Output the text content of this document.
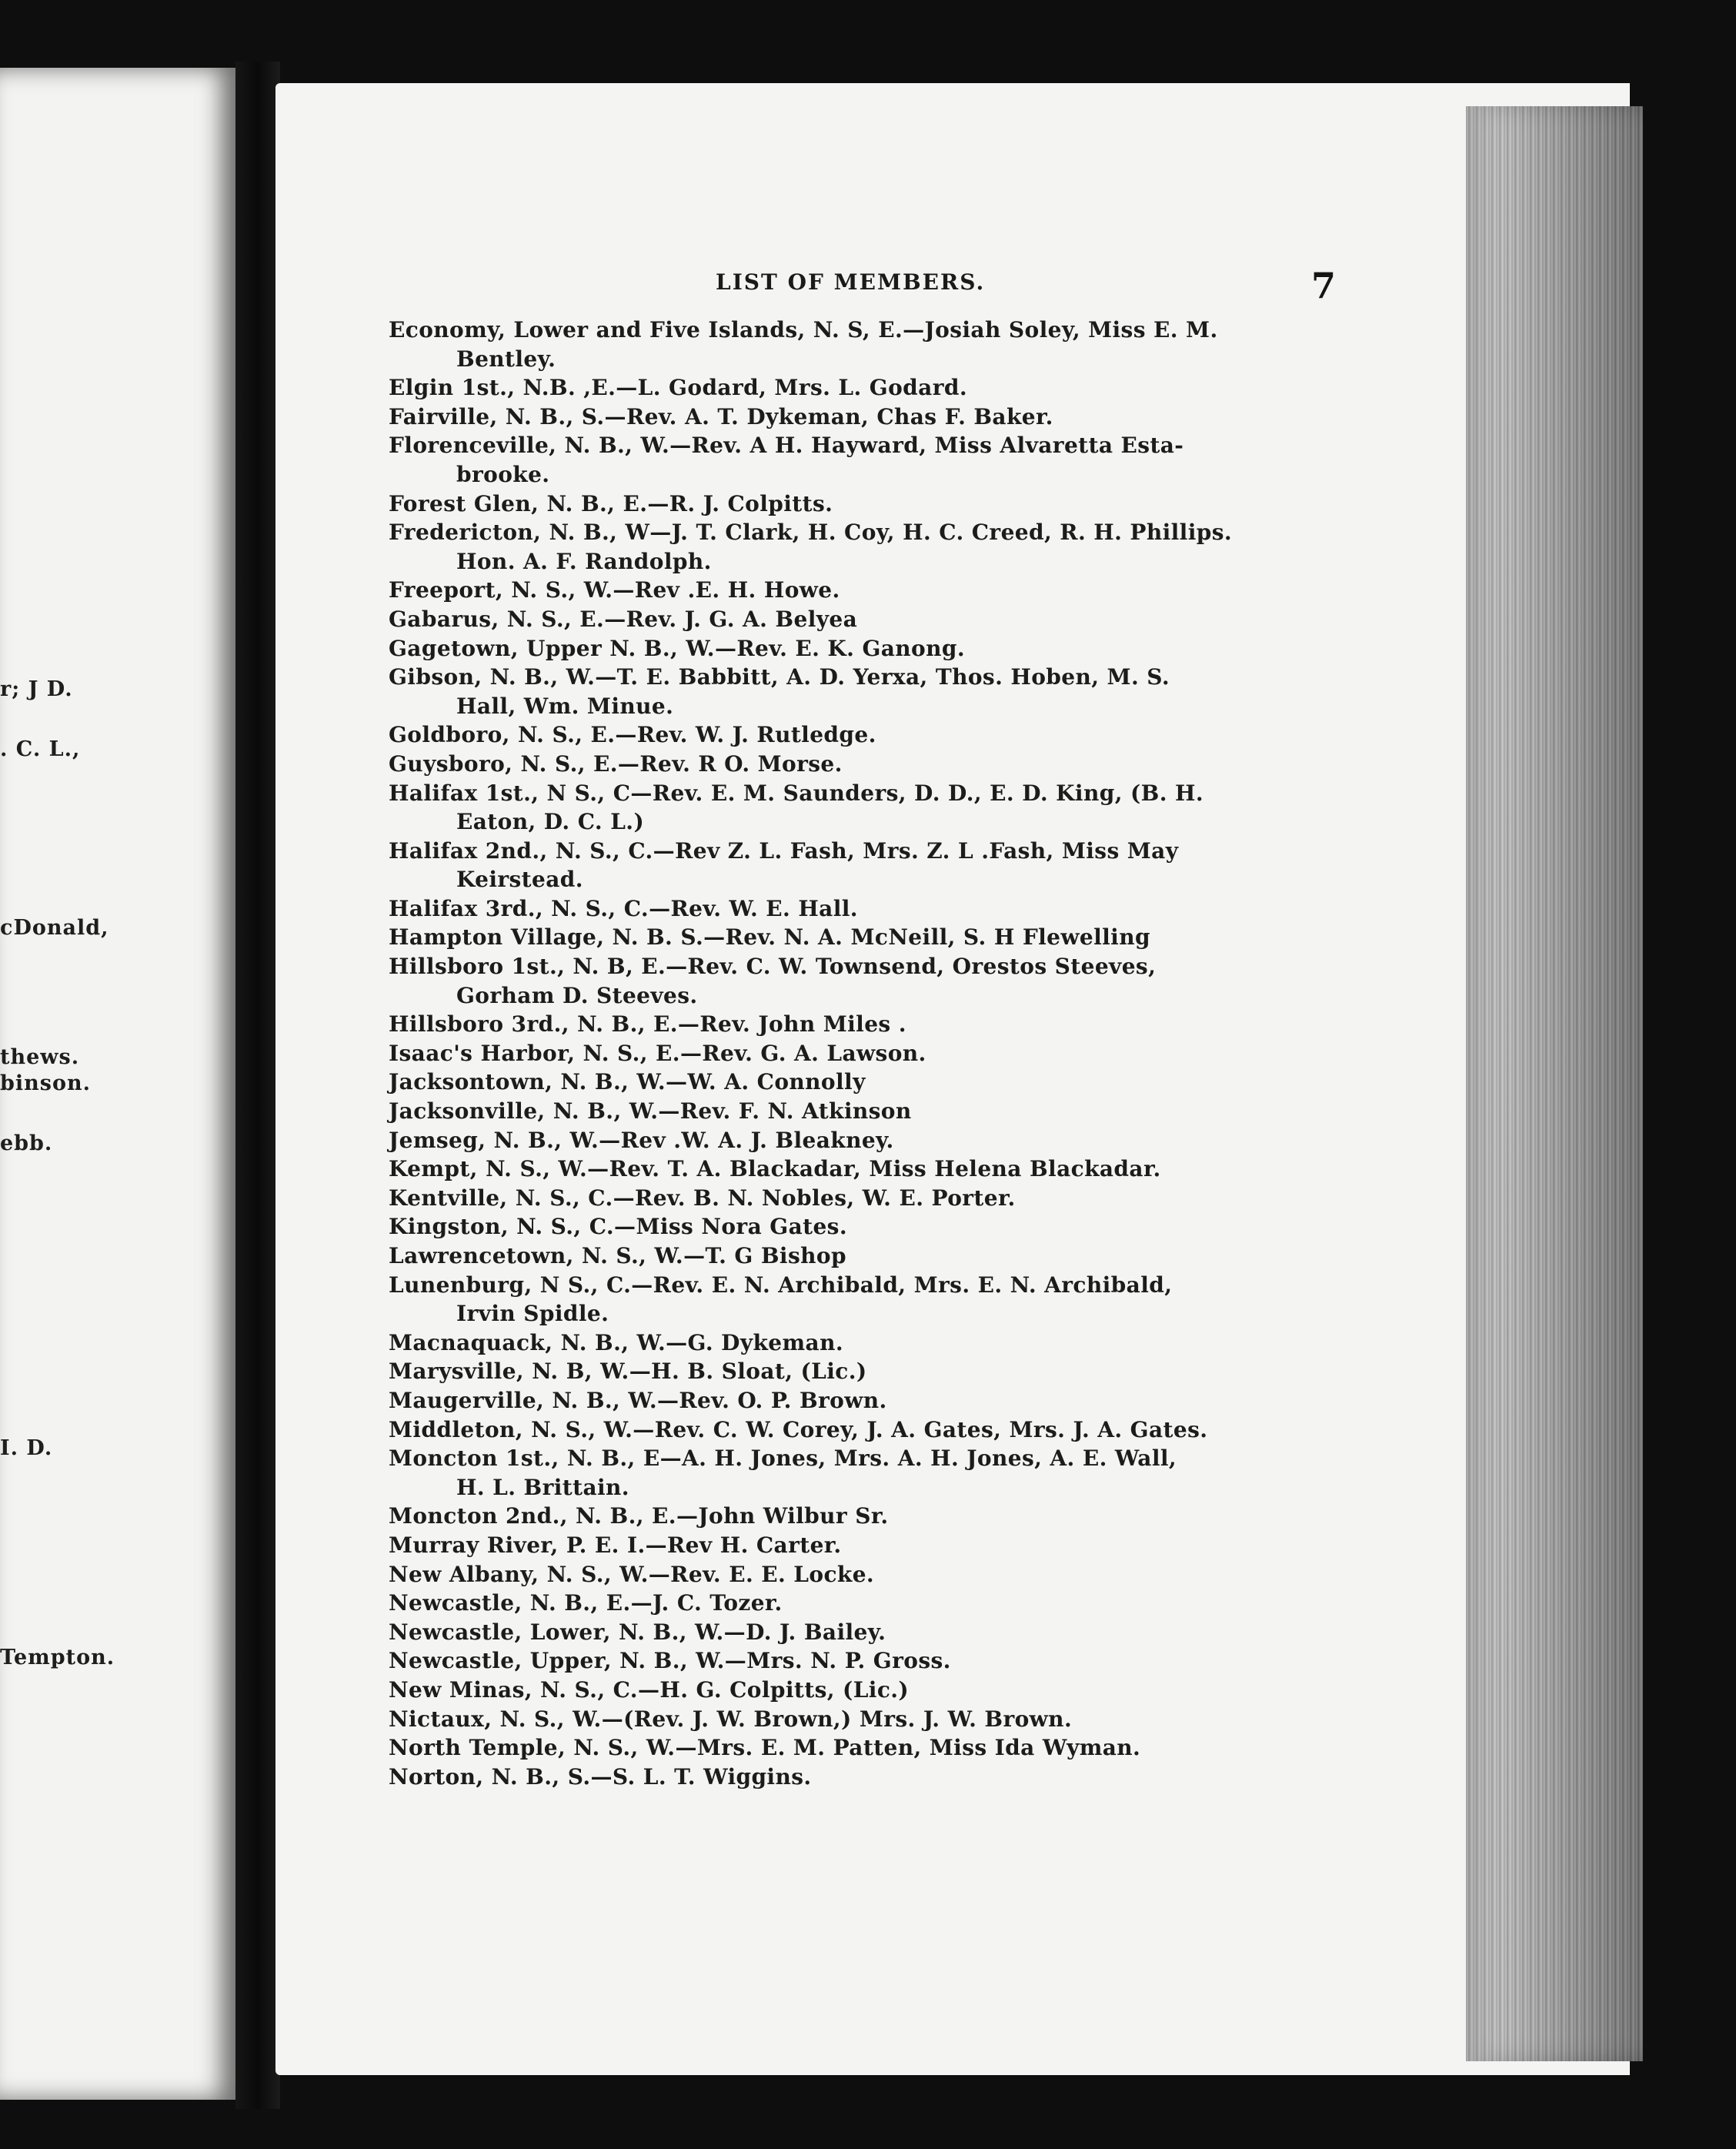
r; J D.
. C. L.,
cDonald,
thews.
binson.
ebb.
I. D.
Tempton.
LIST OF MEMBERS.	7
Economy, Lower and Five Islands, N. S, E.—Josiah Soley, Miss E. M.
Bentley.
Elgin 1st., N.B. ,E.—L. Godard, Mrs. L. Godard.
Fairville, N. B., S.—Rev. A. T. Dykeman, Chas F. Baker.
Florenceville, N. B., W.—Rev. A H. Hayward, Miss Alvaretta Esta-
brooke.
Forest Glen, N. B., E.—R. J. Colpitts.
Fredericton, N. B., W—J. T. Clark, H. Coy, H. C. Creed, R. H. Phillips.
Hon. A. F. Randolph.
Freeport, N. S., W.—Rev .E. H. Howe.
Gabarus, N. S., E.—Rev. J. G. A. Belyea
Gagetown, Upper N. B., W.—Rev. E. K. Ganong.
Gibson, N. B., W.—T. E. Babbitt, A. D. Yerxa, Thos. Hoben, M. S.
Hall, Wm. Minue.
Goldboro, N. S., E.—Rev. W. J. Rutledge.
Guysboro, N. S., E.—Rev. R O. Morse.
Halifax 1st., N S., C—Rev. E. M. Saunders, D. D., E. D. King, (B. H.
Eaton, D. C. L.)
Halifax 2nd., N. S., C.—Rev Z. L. Fash, Mrs. Z. L .Fash, Miss May
Keirstead.
Halifax 3rd., N. S., C.—Rev. W. E. Hall.
Hampton Village, N. B. S.—Rev. N. A. McNeill, S. H Flewelling
Hillsboro 1st., N. B, E.—Rev. C. W. Townsend, Orestos Steeves,
Gorham D. Steeves.
Hillsboro 3rd., N. B., E.—Rev. John Miles .
Isaac's Harbor, N. S., E.—Rev. G. A. Lawson.
Jacksontown, N. B., W.—W. A. Connolly
Jacksonville, N. B., W.—Rev. F. N. Atkinson
Jemseg, N. B., W.—Rev .W. A. J. Bleakney.
Kempt, N. S., W.—Rev. T. A. Blackadar, Miss Helena Blackadar.
Kentville, N. S., C.—Rev. B. N. Nobles, W. E. Porter.
Kingston, N. S., C.—Miss Nora Gates.
Lawrencetown, N. S., W.—T. G Bishop
Lunenburg, N S., C.—Rev. E. N. Archibald, Mrs. E. N. Archibald,
Irvin Spidle.
Macnaquack, N. B., W.—G. Dykeman.
Marysville, N. B, W.—H. B. Sloat, (Lic.)
Maugerville, N. B., W.—Rev. O. P. Brown.
Middleton, N. S., W.—Rev. C. W. Corey, J. A. Gates, Mrs. J. A. Gates.
Moncton 1st., N. B., E—A. H. Jones, Mrs. A. H. Jones, A. E. Wall,
H. L. Brittain.
Moncton 2nd., N. B., E.—John Wilbur Sr.
Murray River, P. E. I.—Rev H. Carter.
New Albany, N. S., W.—Rev. E. E. Locke.
Newcastle, N. B., E.—J. C. Tozer.
Newcastle, Lower, N. B., W.—D. J. Bailey.
Newcastle, Upper, N. B., W.—Mrs. N. P. Gross.
New Minas, N. S., C.—H. G. Colpitts, (Lic.)
Nictaux, N. S., W.—(Rev. J. W. Brown,) Mrs. J. W. Brown.
North Temple, N. S., W.—Mrs. E. M. Patten, Miss Ida Wyman.
Norton, N. B., S.—S. L. T. Wiggins.
